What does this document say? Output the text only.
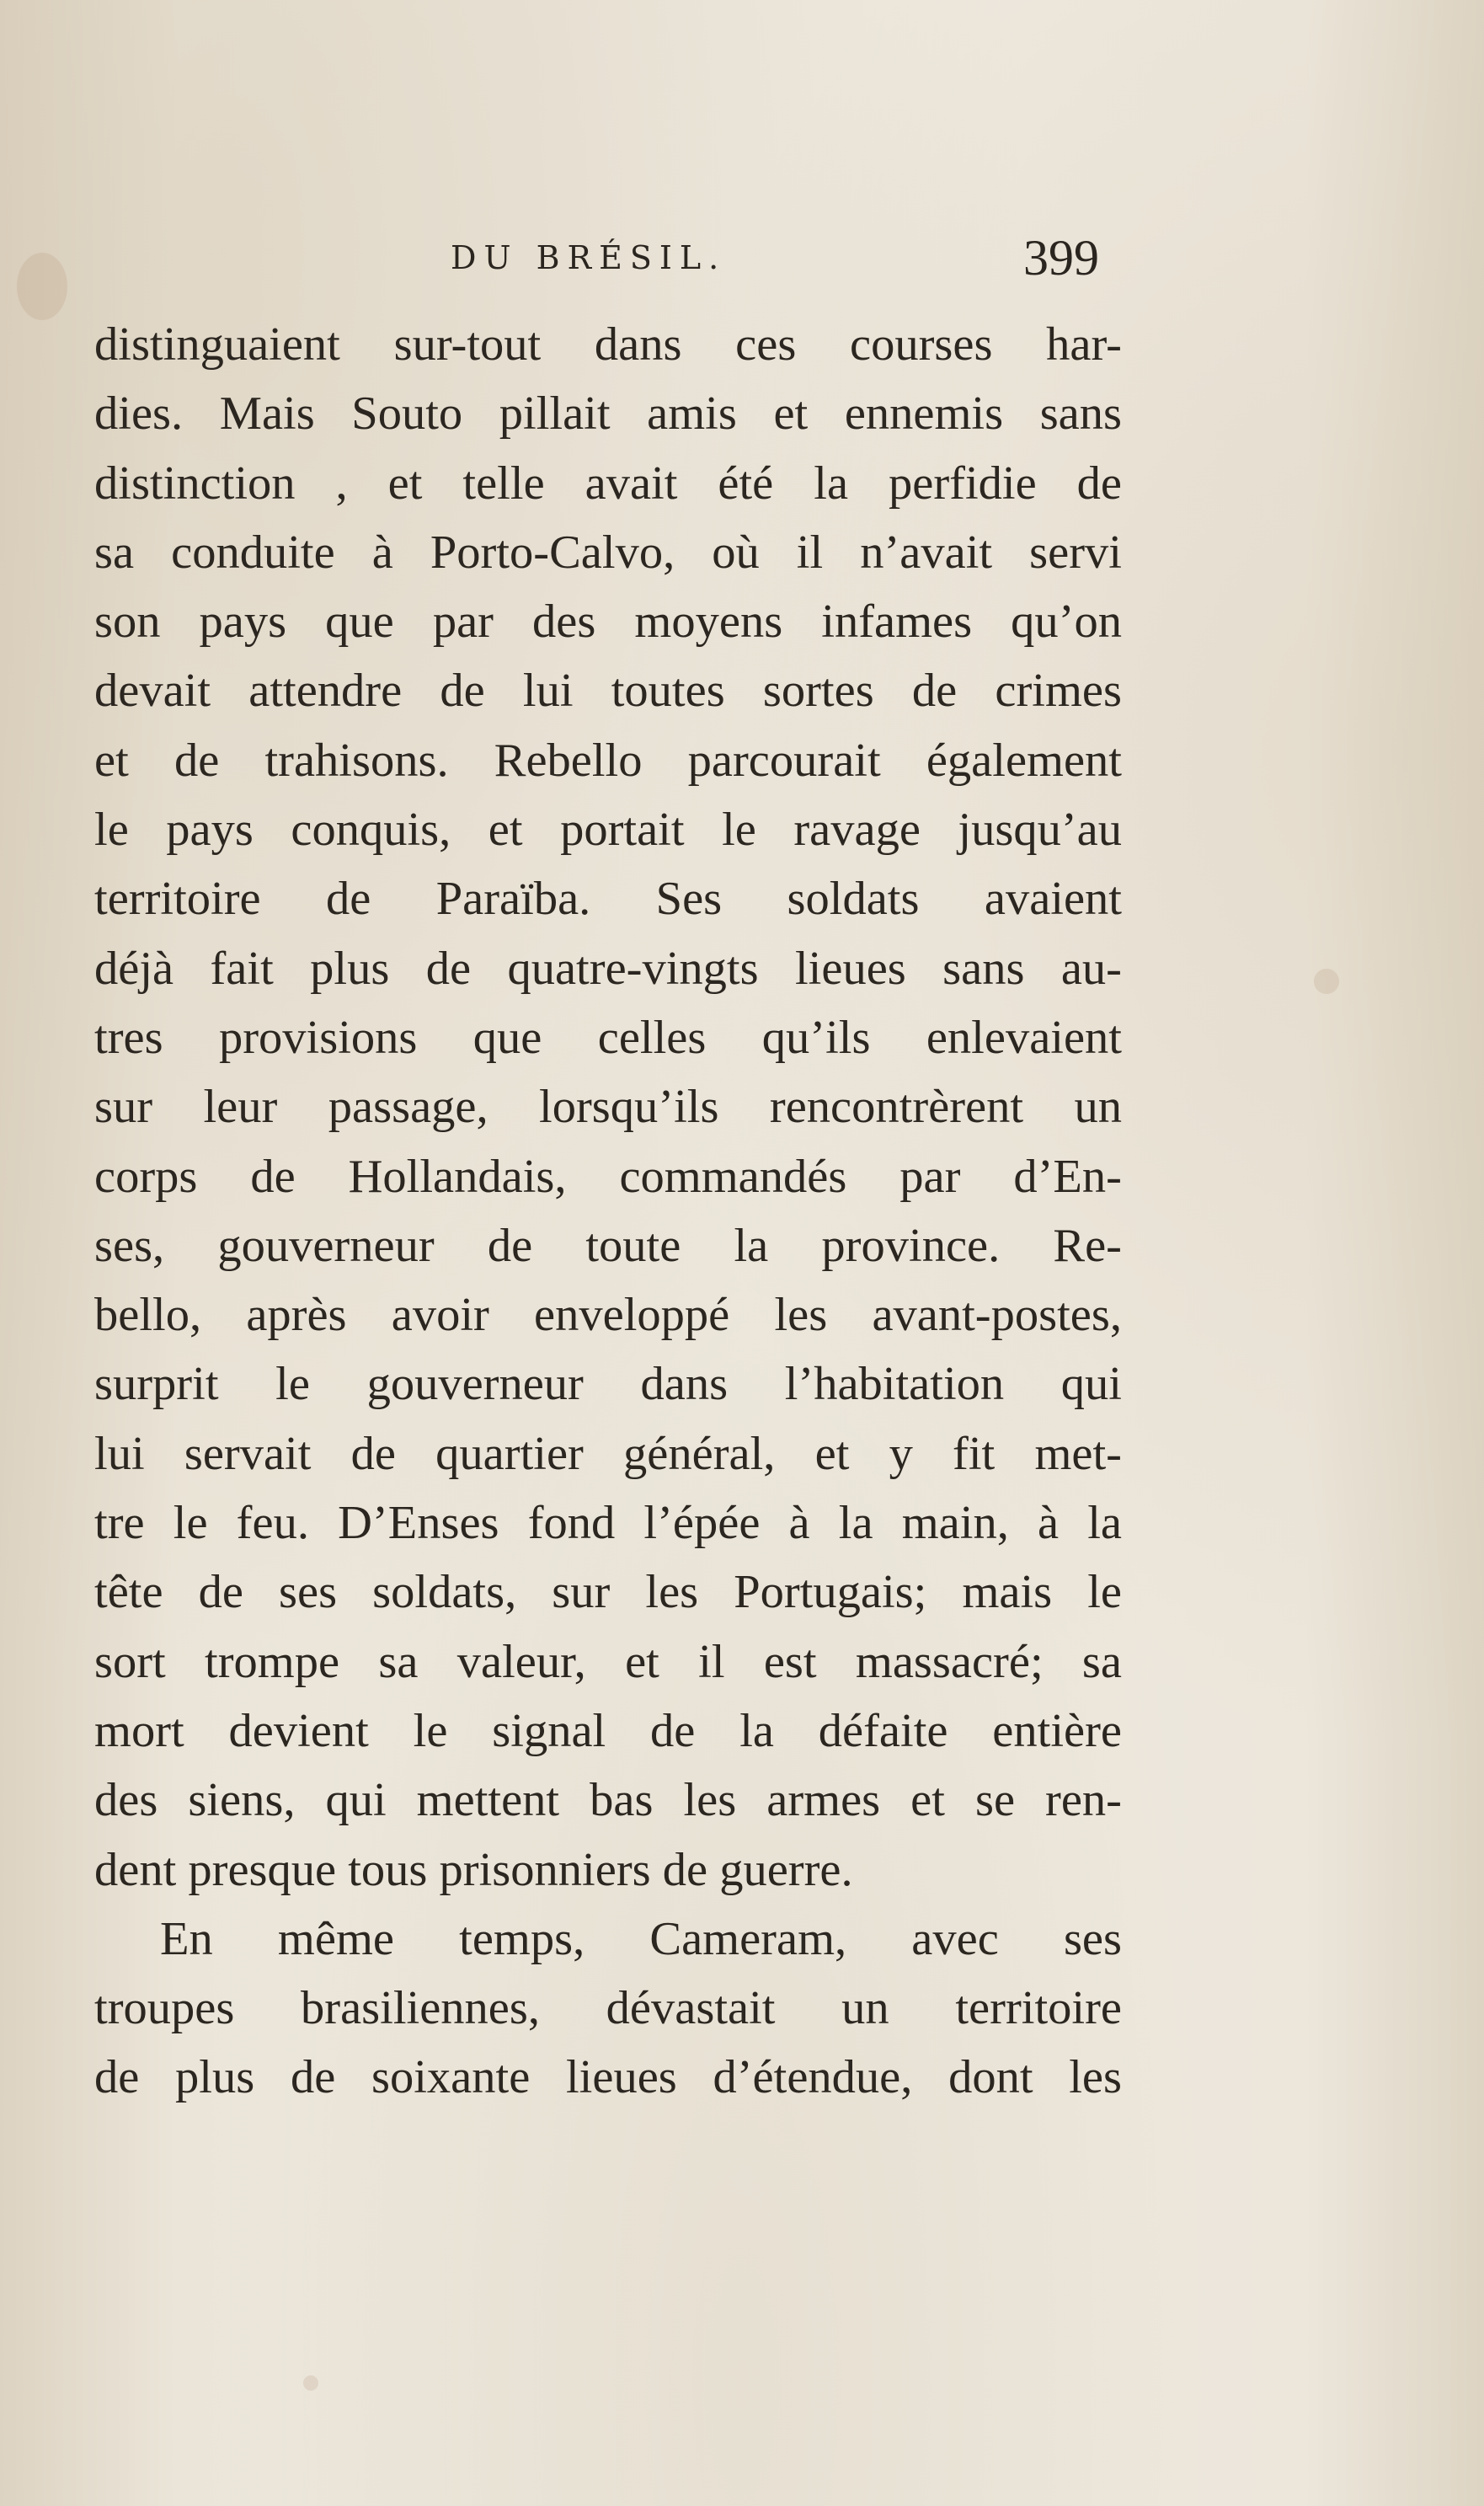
DU BRÉSIL.	399
distinguaient sur-tout dans ces courses har-
dies. Mais Souto pillait amis et ennemis sans
distinction , et telle avait été la perfidie de
sa conduite à Porto-Calvo, où il n’avait servi
son pays que par des moyens infames qu’on
devait attendre de lui toutes sortes de crimes
et de trahisons. Rebello parcourait également
le pays conquis, et portait le ravage jusqu’au
territoire de Paraïba. Ses soldats avaient
déjà fait plus de quatre-vingts lieues sans au-
tres provisions que celles qu’ils enlevaient
sur leur passage, lorsqu’ils rencontrèrent un
corps de Hollandais, commandés par d’En-
ses, gouverneur de toute la province. Re-
bello, après avoir enveloppé les avant-postes,
surprit le gouverneur dans l’habitation qui
lui servait de quartier général, et y fit met-
tre le feu. D’Enses fond l’épée à la main, à la
tête de ses soldats, sur les Portugais; mais le
sort trompe sa valeur, et il est massacré; sa
mort devient le signal de la défaite entière
des siens, qui mettent bas les armes et se ren-
dent presque tous prisonniers de guerre.
En même temps, Cameram, avec ses
troupes brasiliennes, dévastait un territoire
de plus de soixante lieues d’étendue, dont les
